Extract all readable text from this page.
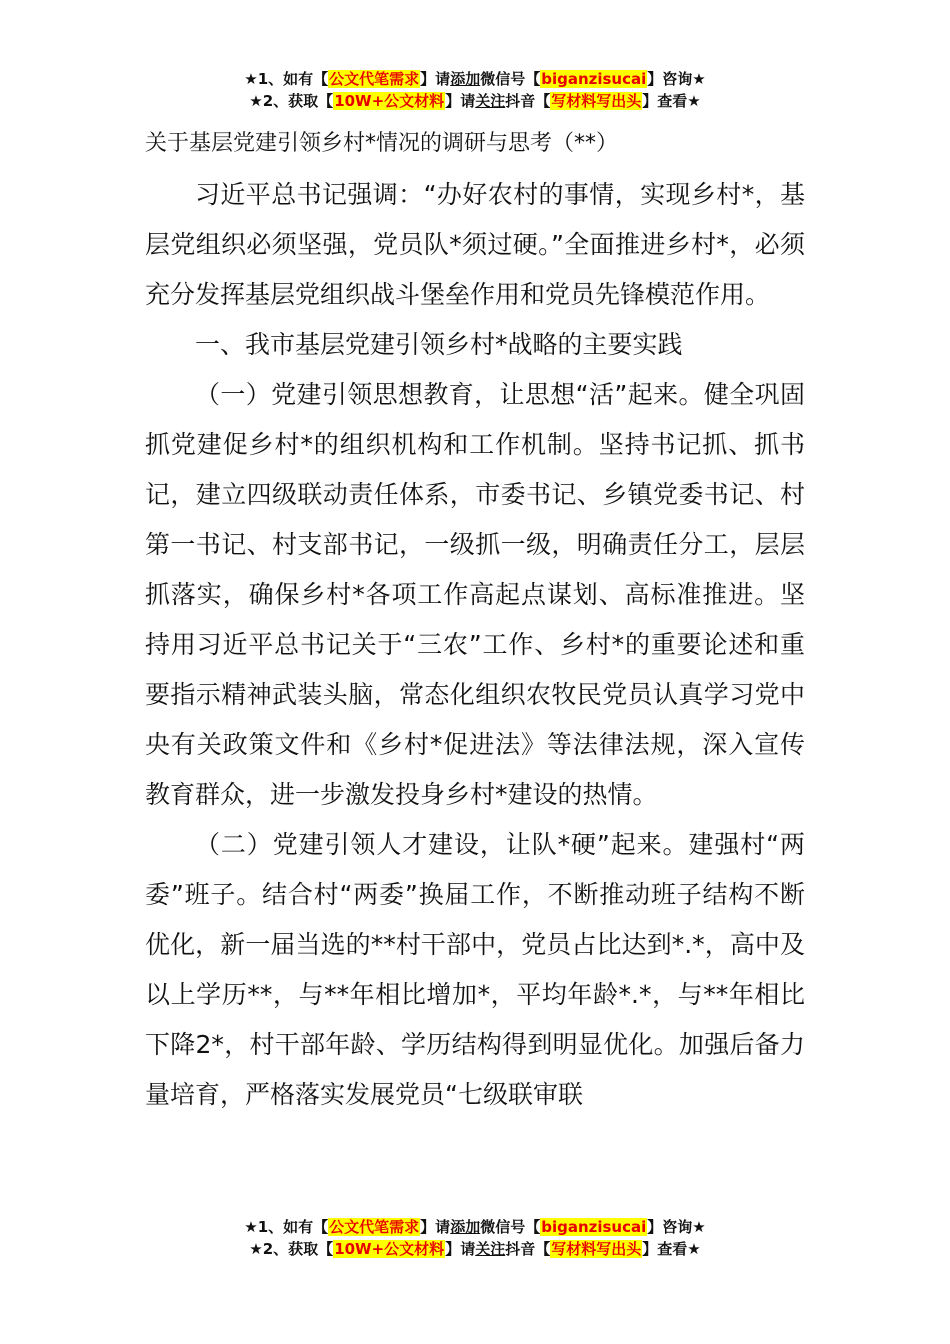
★1、如有【公文代笔需求】请添加微信号【biganzisucai】咨询★
★2、获取【10W+公文材料】请关注抖音【写材料写出头】查看★

关于基层党建引领乡村*情况的调研与思考（**）

习近平总书记强调：“办好农村的事情，实现乡村*，基层党组织必须坚强，党员队*须过硬。”全面推进乡村*，必须充分发挥基层党组织战斗堡垒作用和党员先锋模范作用。

一、我市基层党建引领乡村*战略的主要实践

（一）党建引领思想教育，让思想“活”起来。健全巩固抓党建促乡村*的组织机构和工作机制。坚持书记抓、抓书记，建立四级联动责任体系，市委书记、乡镇党委书记、村第一书记、村支部书记，一级抓一级，明确责任分工，层层抓落实，确保乡村*各项工作高起点谋划、高标准推进。坚持用习近平总书记关于“三农”工作、乡村*的重要论述和重要指示精神武装头脑，常态化组织农牧民党员认真学习党中央有关政策文件和《乡村*促进法》等法律法规，深入宣传教育群众，进一步激发投身乡村*建设的热情。

（二）党建引领人才建设，让队*硬”起来。建强村“两委”班子。结合村“两委”换届工作，不断推动班子结构不断优化，新一届当选的**村干部中，党员占比达到*.*，高中及以上学历**，与**年相比增加*，平均年龄*.*，与**年相比下降2*，村干部年龄、学历结构得到明显优化。加强后备力量培育，严格落实发展党员“七级联审联

★1、如有【公文代笔需求】请添加微信号【biganzisucai】咨询★
★2、获取【10W+公文材料】请关注抖音【写材料写出头】查看★
